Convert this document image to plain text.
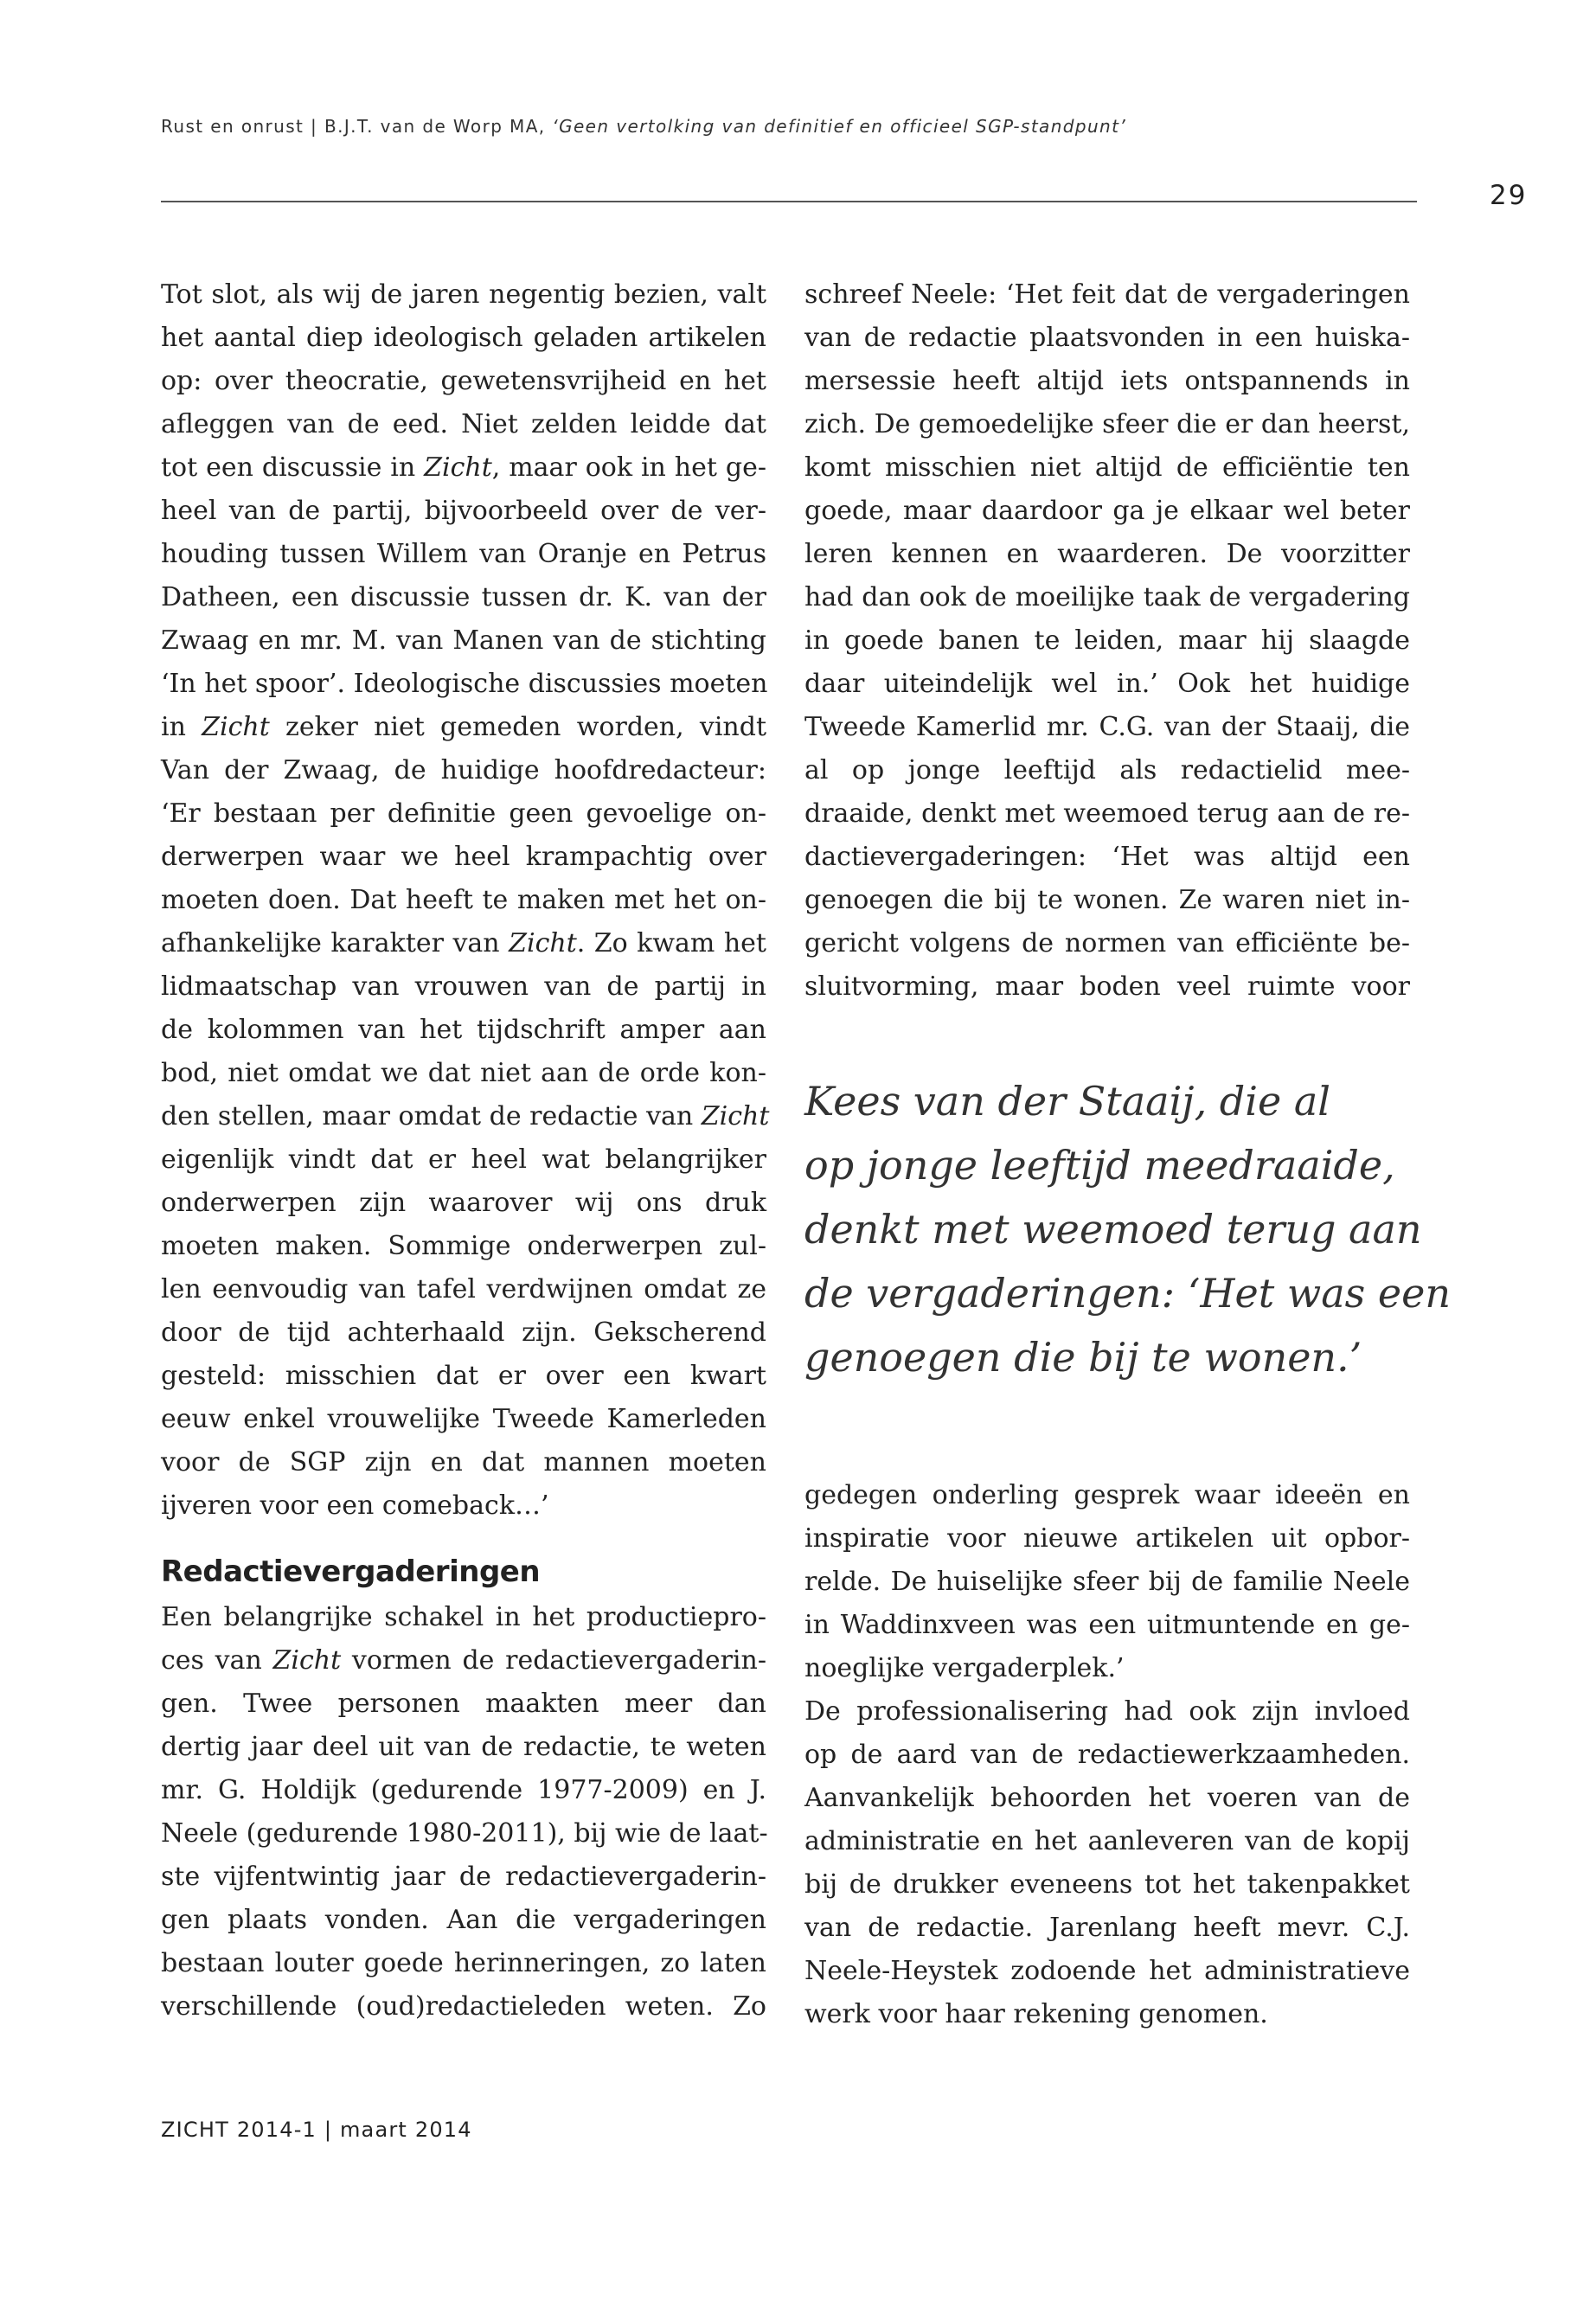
Rust en onrust | B.J.T. van de Worp MA, ‘Geen vertolking van definitief en officieel SGP-standpunt’
29
Tot slot, als wij de jaren negentig bezien, valt
het aantal diep ideologisch geladen artikelen
op: over theocratie, gewetensvrijheid en het
afleggen van de eed. Niet zelden leidde dat
tot een discussie in Zicht, maar ook in het ge-
heel van de partij, bijvoorbeeld over de ver-
houding tussen Willem van Oranje en Petrus
Datheen, een discussie tussen dr. K. van der
Zwaag en mr. M. van Manen van de stichting
‘In het spoor’. Ideologische discussies moeten
in Zicht zeker niet gemeden worden, vindt
Van der Zwaag, de huidige hoofdredacteur:
‘Er bestaan per definitie geen gevoelige on-
derwerpen waar we heel krampachtig over
moeten doen. Dat heeft te maken met het on-
afhankelijke karakter van Zicht. Zo kwam het
lidmaatschap van vrouwen van de partij in
de kolommen van het tijdschrift amper aan
bod, niet omdat we dat niet aan de orde kon-
den stellen, maar omdat de redactie van Zicht
eigenlijk vindt dat er heel wat belangrijker
onderwerpen zijn waarover wij ons druk
moeten maken. Sommige onderwerpen zul-
len eenvoudig van tafel verdwijnen omdat ze
door de tijd achterhaald zijn. Gekscherend
gesteld: misschien dat er over een kwart
eeuw enkel vrouwelijke Tweede Kamerleden
voor de SGP zijn en dat mannen moeten
ijveren voor een comeback…’
Redactievergaderingen
Een belangrijke schakel in het productiepro-
ces van Zicht vormen de redactievergaderin-
gen. Twee personen maakten meer dan
dertig jaar deel uit van de redactie, te weten
mr. G. Holdijk (gedurende 1977-2009) en J.
Neele (gedurende 1980-2011), bij wie de laat-
ste vijfentwintig jaar de redactievergaderin-
gen plaats vonden. Aan die vergaderingen
bestaan louter goede herinneringen, zo laten
verschillende (oud)redactieleden weten. Zo
schreef Neele: ‘Het feit dat de vergaderingen
van de redactie plaatsvonden in een huiska-
mersessie heeft altijd iets ontspannends in
zich. De gemoedelijke sfeer die er dan heerst,
komt misschien niet altijd de efficiëntie ten
goede, maar daardoor ga je elkaar wel beter
leren kennen en waarderen. De voorzitter
had dan ook de moeilijke taak de vergadering
in goede banen te leiden, maar hij slaagde
daar uiteindelijk wel in.’ Ook het huidige
Tweede Kamerlid mr. C.G. van der Staaij, die
al op jonge leeftijd als redactielid mee-
draaide, denkt met weemoed terug aan de re-
dactievergaderingen: ‘Het was altijd een
genoegen die bij te wonen. Ze waren niet in-
gericht volgens de normen van efficiënte be-
sluitvorming, maar boden veel ruimte voor
Kees van der Staaij, die al
op jonge leeftijd meedraaide,
denkt met weemoed terug aan
de vergaderingen: ‘Het was een
genoegen die bij te wonen.’
gedegen onderling gesprek waar ideeën en
inspiratie voor nieuwe artikelen uit opbor-
relde. De huiselijke sfeer bij de familie Neele
in Waddinxveen was een uitmuntende en ge-
noeglijke vergaderplek.’
De professionalisering had ook zijn invloed
op de aard van de redactiewerkzaamheden.
Aanvankelijk behoorden het voeren van de
administratie en het aanleveren van de kopij
bij de drukker eveneens tot het takenpakket
van de redactie. Jarenlang heeft mevr. C.J.
Neele-Heystek zodoende het administratieve
werk voor haar rekening genomen.
ZICHT 2014-1 | maart 2014
